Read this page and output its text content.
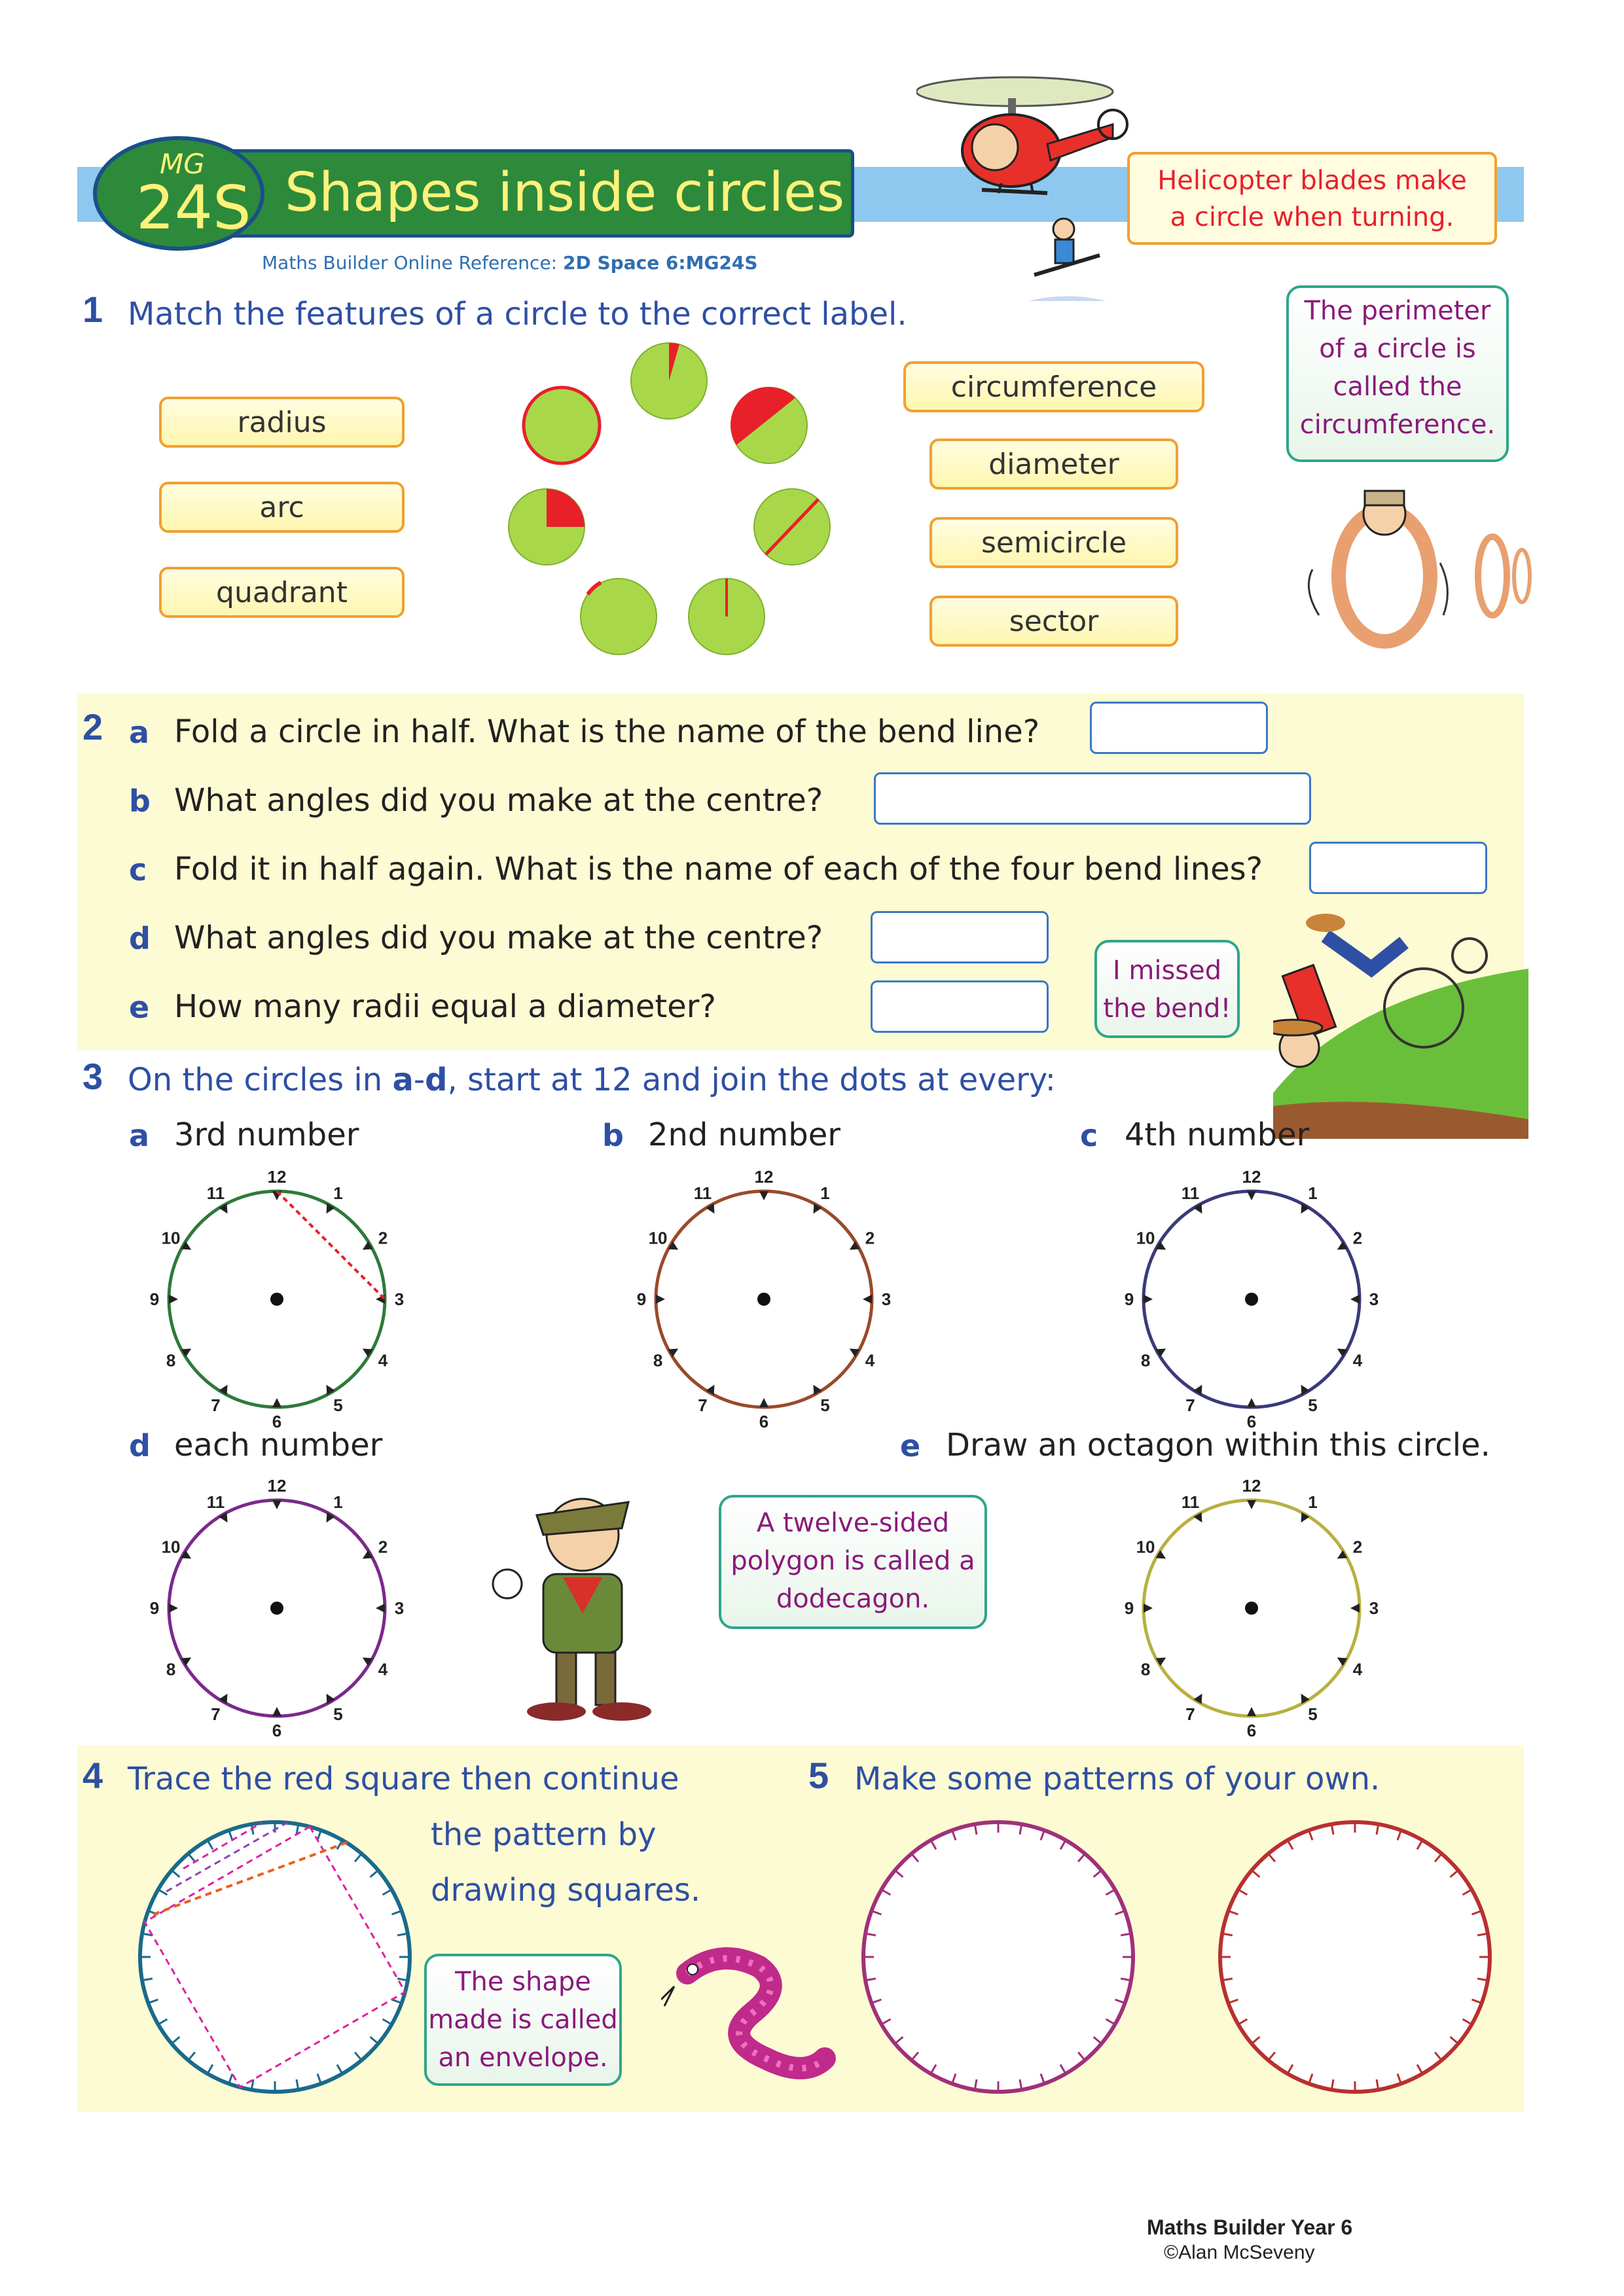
Shapes inside circles
MG
24S
Maths Builder Online Reference: 2D Space 6:MG24S
Helicopter blades make
a circle when turning.
1 Match the features of a circle to the correct label.
radius
arc
quadrant
circumference
diameter
semicircle
sector
The perimeter
of a circle is
called the
circumference.
2 a Fold a circle in half. What is the name of the bend line?
b What angles did you make at the centre?
c Fold it in half again. What is the name of each of the four bend lines?
d What angles did you make at the centre?
e How many radii equal a diameter?
I missed
the bend!
3 On the circles in a-d, start at 12 and join the dots at every:
a 3rd number	b 2nd number	c 4th number
d each number	e Draw an octagon within this circle.
12
1
2
3
4
5
6
7
8
9
10
11
12
1
2
3
4
5
6
7
8
9
10
11
12
1
2
3
4
5
6
7
8
9
10
11
12
1
2
3
4
5
6
7
8
9
10
11
12
1
2
3
4
5
6
7
8
9
10
11
A twelve-sided
polygon is called a
dodecagon.
4 Trace the red square then continue
the pattern by
drawing squares.
5 Make some patterns of your own.
The shape
made is called
an envelope.
Maths Builder Year 6
©Alan McSeveny
